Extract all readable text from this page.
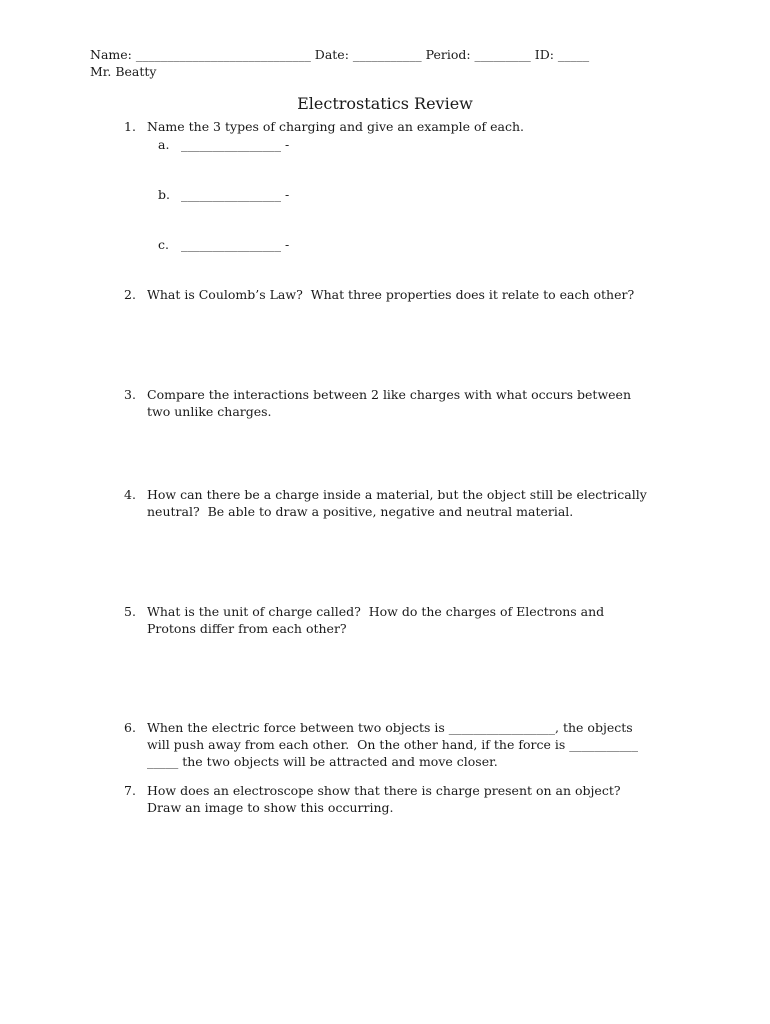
Name: ____________________________ Date: ___________ Period: _________ ID: _____
Mr. Beatty
Electrostatics Review
1. Name the 3 types of charging and give an example of each.
a. ________________ -
b. ________________ -
c. ________________ -
2. What is Coulomb’s Law?  What three properties does it relate to each other?
3. Compare the interactions between 2 like charges with what occurs between
two unlike charges.
4. How can there be a charge inside a material, but the object still be electrically
neutral?  Be able to draw a positive, negative and neutral material.
5. What is the unit of charge called?  How do the charges of Electrons and
Protons differ from each other?
6. When the electric force between two objects is _________________, the objects
will push away from each other.  On the other hand, if the force is ___________
_____ the two objects will be attracted and move closer.
7. How does an electroscope show that there is charge present on an object?
Draw an image to show this occurring.
